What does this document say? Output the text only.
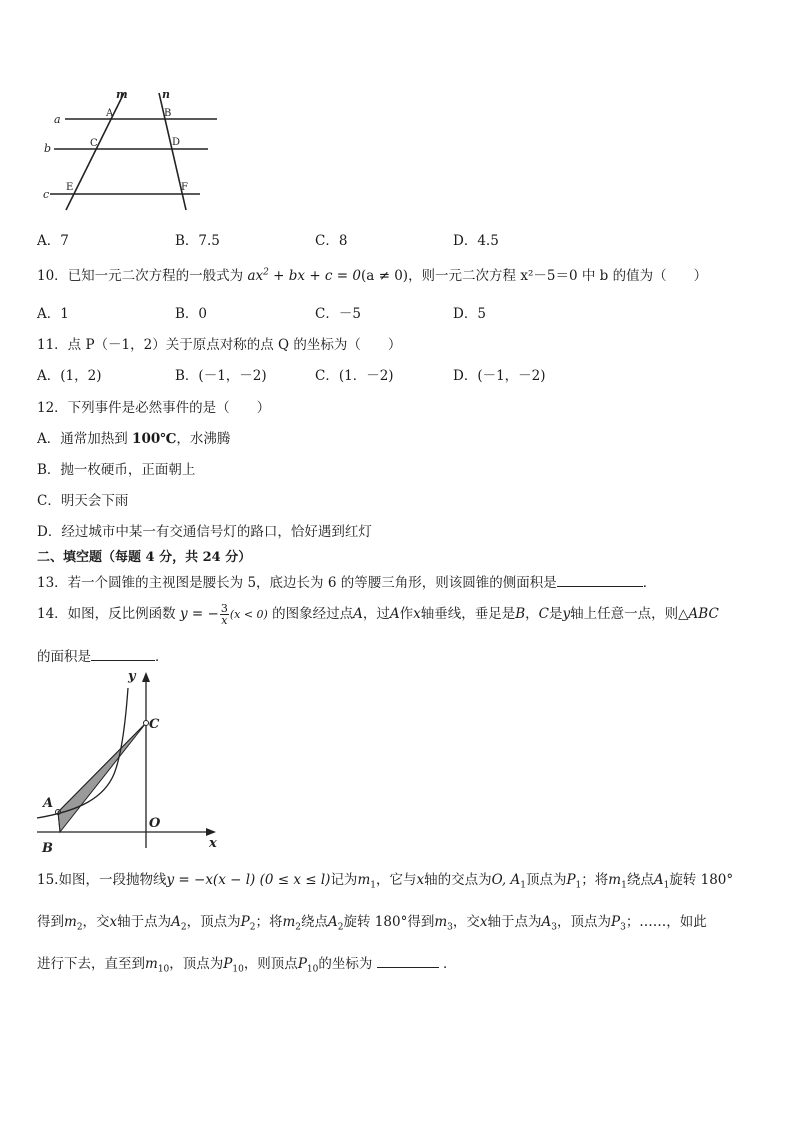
a
b
c
m	n
A	B
C	D
E	F
A．7	B．7.5	C．8	D．4.5
10．已知一元二次方程的一般式为 $ax^2$ + bx + c = 0(a ≠ 0)，则一元二次方程 x²－5＝0 中 b 的值为（　　）
A．1	B．0	C．－5	D．5
11．点 P（－1，2）关于原点对称的点 Q 的坐标为（　　）
A．(1，2)	B．(－1，－2)	C．(1．－2)	D．(－1，－2)
12．下列事件是必然事件的是（　　）
A．通常加热到 100℃，水沸腾
B．抛一枚硬币，正面朝上
C．明天会下雨
D．经过城市中某一有交通信号灯的路口，恰好遇到红灯
二、填空题（每题 4 分，共 24 分）
13．若一个圆锥的主视图是腰长为 5，底边长为 6 的等腰三角形，则该圆锥的侧面积是	．
14．如图，反比例函数 y = − $\frac{3}{x} (x < 0)$ 的图象经过点A，过A作x轴垂线，垂足是B，C是y轴上任意一点，则△ABC
的面积是	．
y
x
C
A
O
B
15.如图，一段抛物线y = −x(x − l) (0 ≤ x ≤ l)记为$m_1$，它与x轴的交点为O, $A_1$顶点为$P_1$；将$m_1$绕点$A_1$旋转 180°
得到$m_2$，交x轴于点为$A_2$，顶点为$P_2$；将$m_2$绕点$A_2$旋转 180°得到$m_3$，交x轴于点为$A_3$，顶点为$P_3$；……，如此
进行下去，直至到$m_{10}$，顶点为$P_{10}$，则顶点$P_{10}$的坐标为	．
